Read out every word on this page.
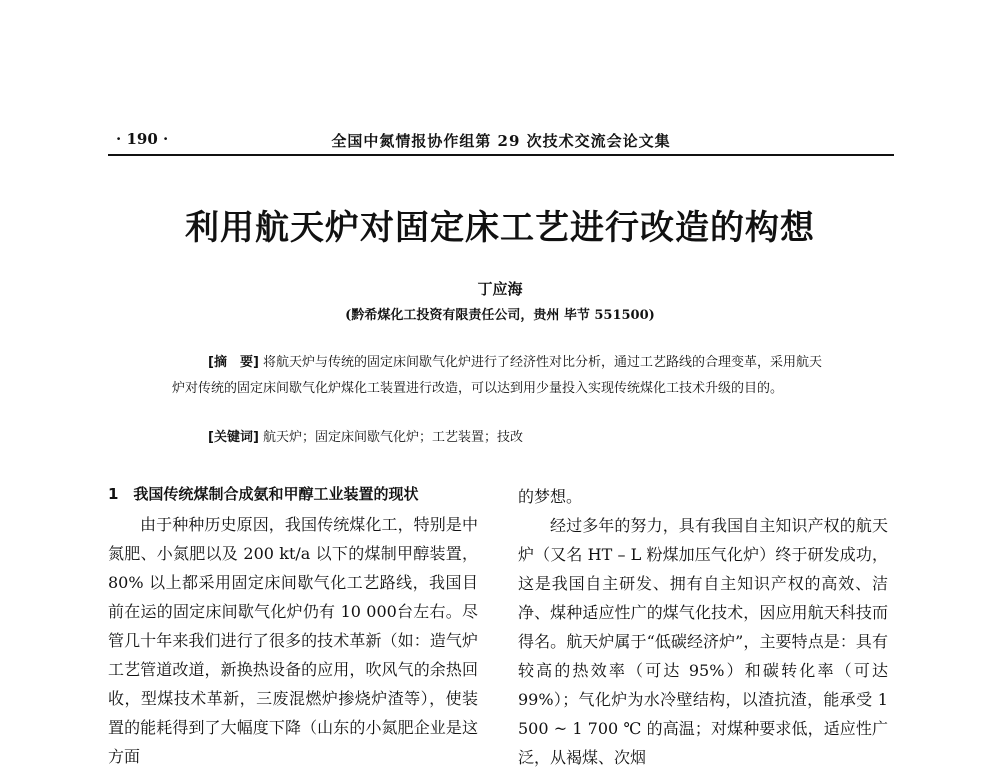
· 190 ·	全国中氮情报协作组第 29 次技术交流会论文集
利用航天炉对固定床工艺进行改造的构想
丁应海
(黔希煤化工投资有限责任公司，贵州 毕节 551500)

[摘　要] 将航天炉与传统的固定床间歇气化炉进行了经济性对比分析，通过工艺路线的合理变革，采用航天炉对传统的固定床间歇气化炉煤化工装置进行改造，可以达到用少量投入实现传统煤化工技术升级的目的。

[关键词] 航天炉；固定床间歇气化炉；工艺装置；技改
1　我国传统煤制合成氨和甲醇工业装置的现状

由于种种历史原因，我国传统煤化工，特别是中氮肥、小氮肥以及 200 kt/a 以下的煤制甲醇装置，80% 以上都采用固定床间歇气化工艺路线，我国目前在运的固定床间歇气化炉仍有 10 000台左右。尽管几十年来我们进行了很多的技术革新（如：造气炉工艺管道改道，新换热设备的应用，吹风气的余热回收，型煤技术革新，三废混燃炉掺烧炉渣等），使装置的能耗得到了大幅度下降（山东的小氮肥企业是这方面

的梦想。

经过多年的努力，具有我国自主知识产权的航天炉（又名 HT – L 粉煤加压气化炉）终于研发成功，这是我国自主研发、拥有自主知识产权的高效、洁净、煤种适应性广的煤气化技术，因应用航天科技而得名。航天炉属于“低碳经济炉”，主要特点是：具有较高的热效率（可达 95%）和碳转化率（可达 99%）；气化炉为水冷壁结构，以渣抗渣，能承受 1 500 ~ 1 700 ℃ 的高温；对煤种要求低，适应性广泛，从褐煤、次烟
